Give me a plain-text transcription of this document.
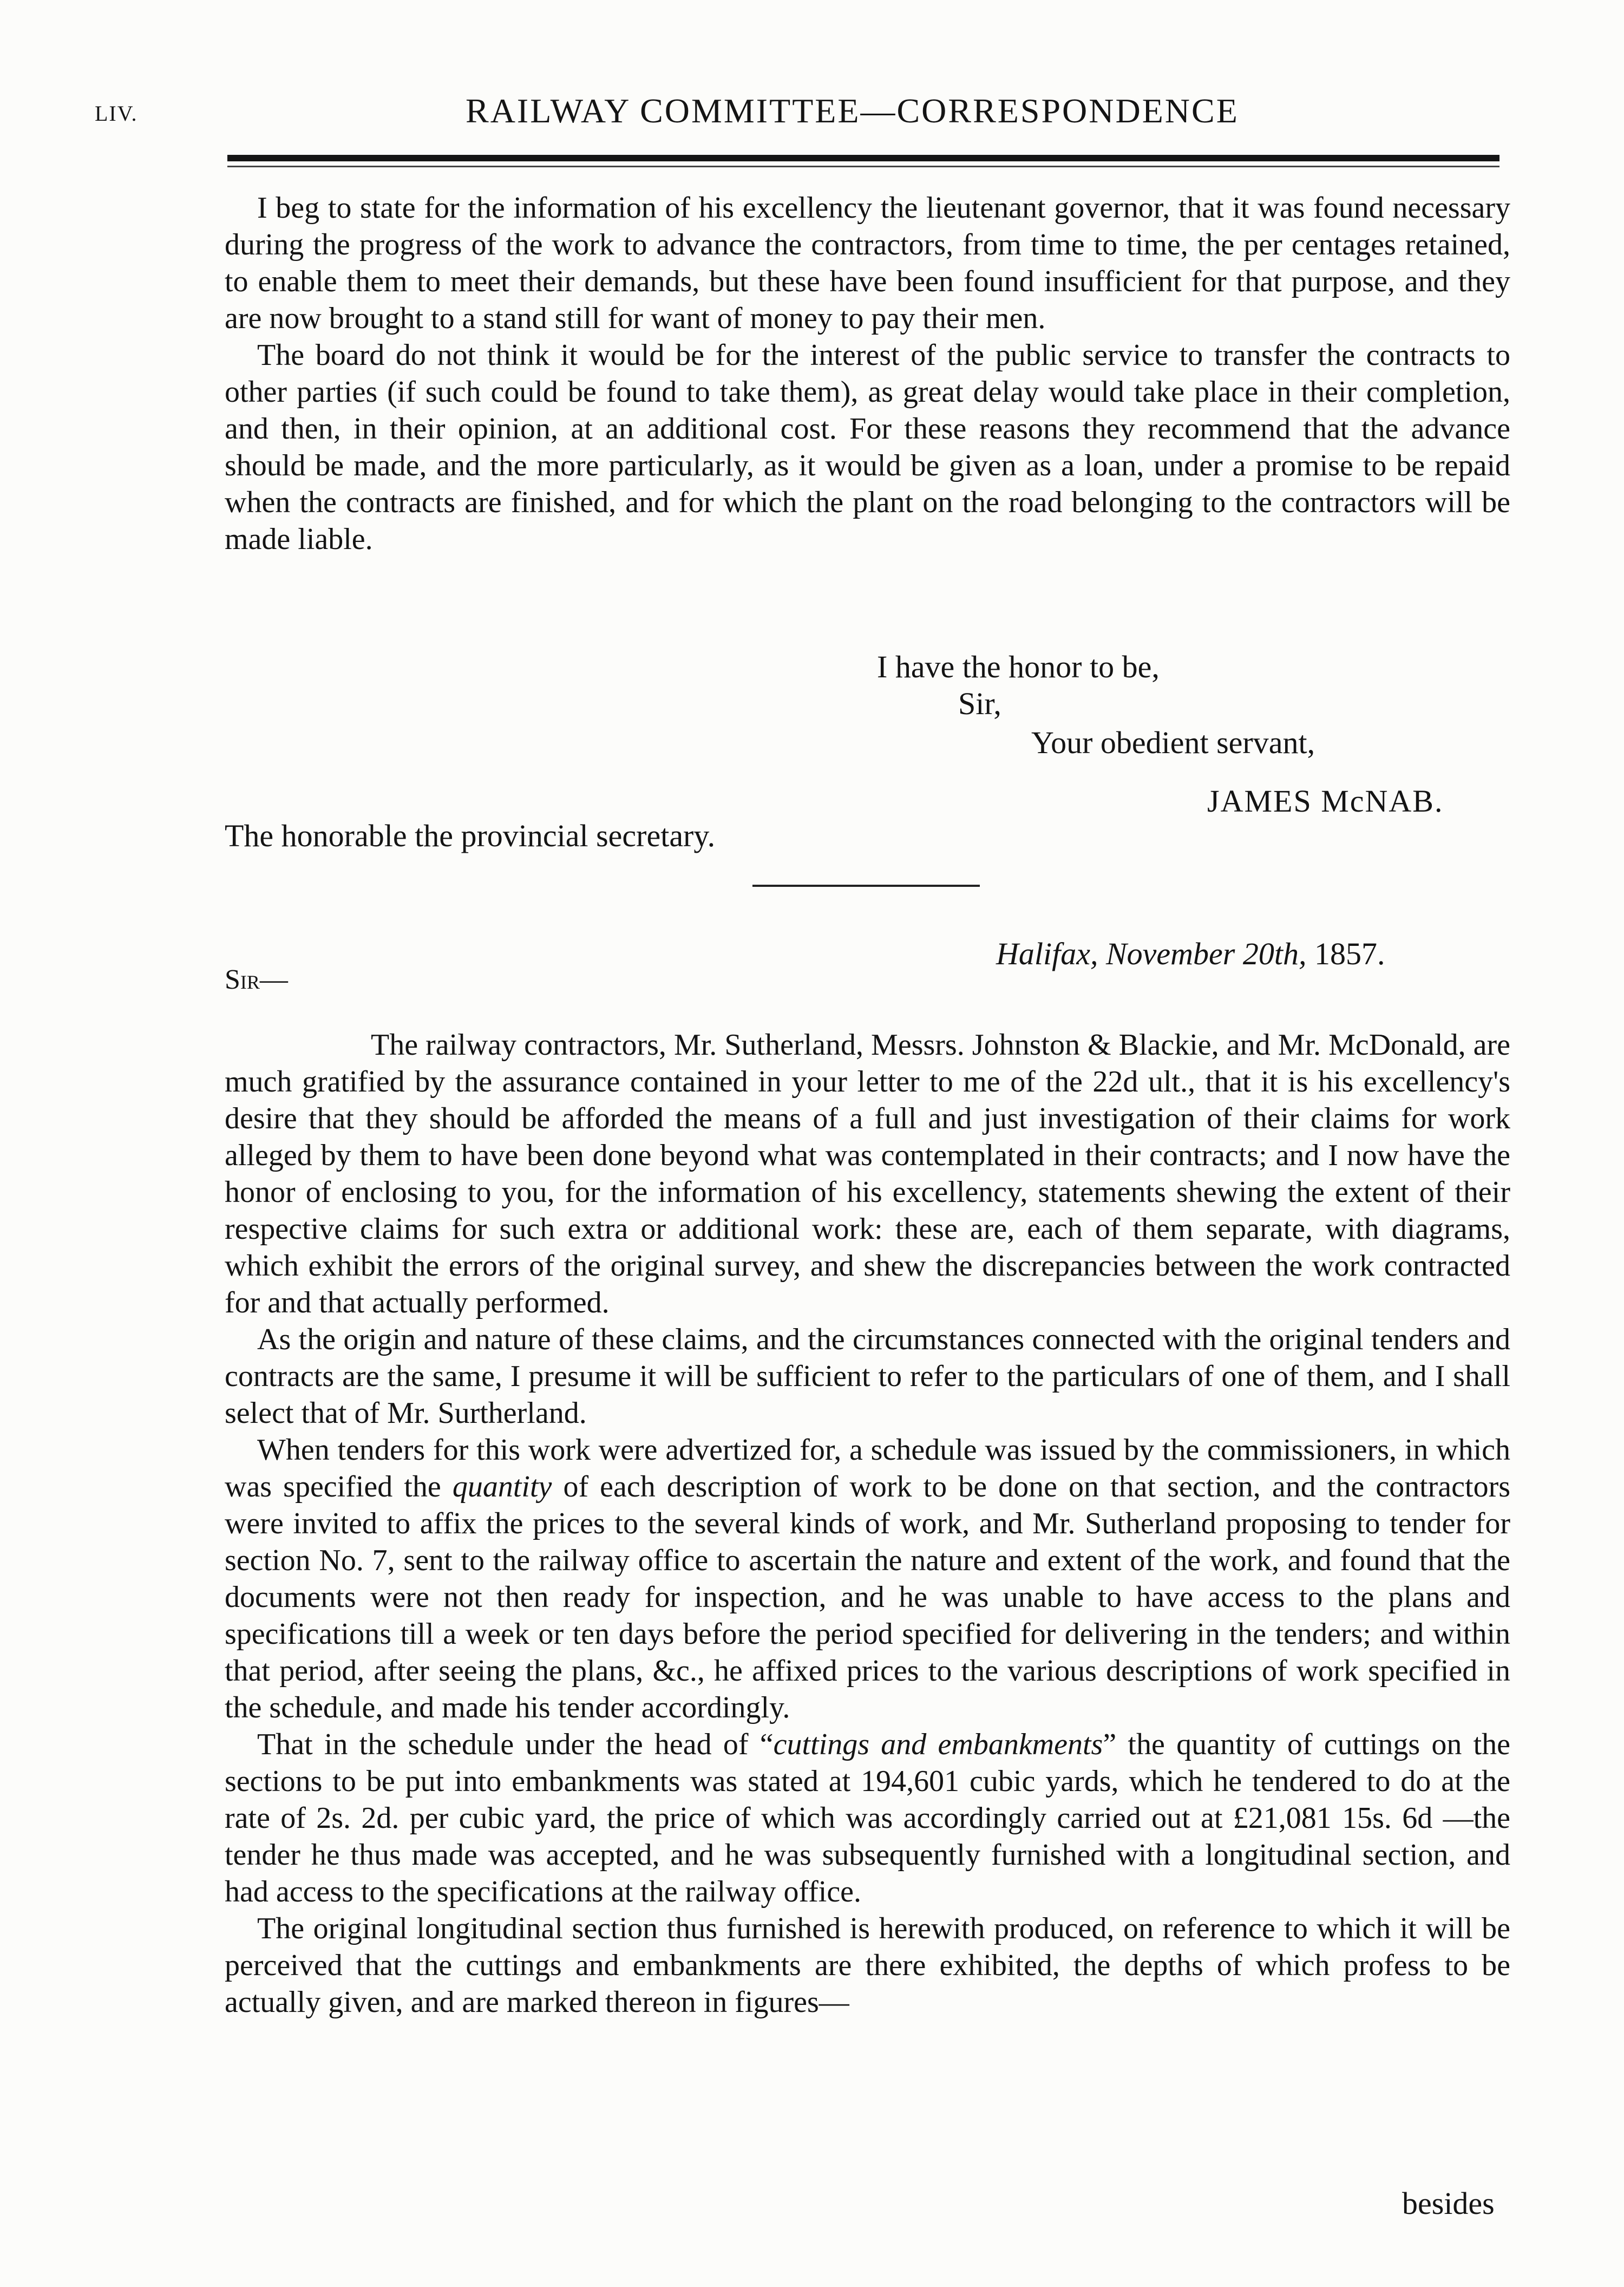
LIV.	RAILWAY COMMITTEE—CORRESPONDENCE

I beg to state for the information of his excellency the lieutenant governor, that it was found necessary during the progress of the work to advance the contractors, from time to time, the per centages retained, to enable them to meet their demands, but these have been found insufficient for that purpose, and they are now brought to a stand still for want of money to pay their men.

The board do not think it would be for the interest of the public service to transfer the contracts to other parties (if such could be found to take them), as great delay would take place in their completion, and then, in their opinion, at an additional cost. For these reasons they recommend that the advance should be made, and the more particularly, as it would be given as a loan, under a promise to be repaid when the contracts are finished, and for which the plant on the road belonging to the contractors will be made liable.

I have the honor to be,
Sir,
Your obedient servant,
JAMES McNAB.
The honorable the provincial secretary.
Halifax, November 20th, 1857.
Sir—

The railway contractors, Mr. Sutherland, Messrs. Johnston & Blackie, and Mr. McDonald, are much gratified by the assurance contained in your letter to me of the 22d ult., that it is his excellency's desire that they should be afforded the means of a full and just investigation of their claims for work alleged by them to have been done beyond what was contemplated in their contracts; and I now have the honor of enclosing to you, for the information of his excellency, statements shewing the extent of their respective claims for such extra or additional work: these are, each of them separate, with diagrams, which exhibit the errors of the original survey, and shew the discrepancies between the work contracted for and that actually performed.

As the origin and nature of these claims, and the circumstances connected with the original tenders and contracts are the same, I presume it will be sufficient to refer to the particulars of one of them, and I shall select that of Mr. Surtherland.

When tenders for this work were advertized for, a schedule was issued by the commissioners, in which was specified the quantity of each description of work to be done on that section, and the contractors were invited to affix the prices to the several kinds of work, and Mr. Sutherland proposing to tender for section No. 7, sent to the railway office to ascertain the nature and extent of the work, and found that the documents were not then ready for inspection, and he was unable to have access to the plans and specifications till a week or ten days before the period specified for delivering in the tenders; and within that period, after seeing the plans, &c., he affixed prices to the various descriptions of work specified in the schedule, and made his tender accordingly.

That in the schedule under the head of “cuttings and embankments” the quantity of cuttings on the sections to be put into embankments was stated at 194,601 cubic yards, which he tendered to do at the rate of 2s. 2d. per cubic yard, the price of which was accordingly carried out at £21,081 15s. 6d —the tender he thus made was accepted, and he was subsequently furnished with a longitudinal section, and had access to the specifications at the railway office.

The original longitudinal section thus furnished is herewith produced, on reference to which it will be perceived that the cuttings and embankments are there exhibited, the depths of which profess to be actually given, and are marked thereon in figures—

besides
